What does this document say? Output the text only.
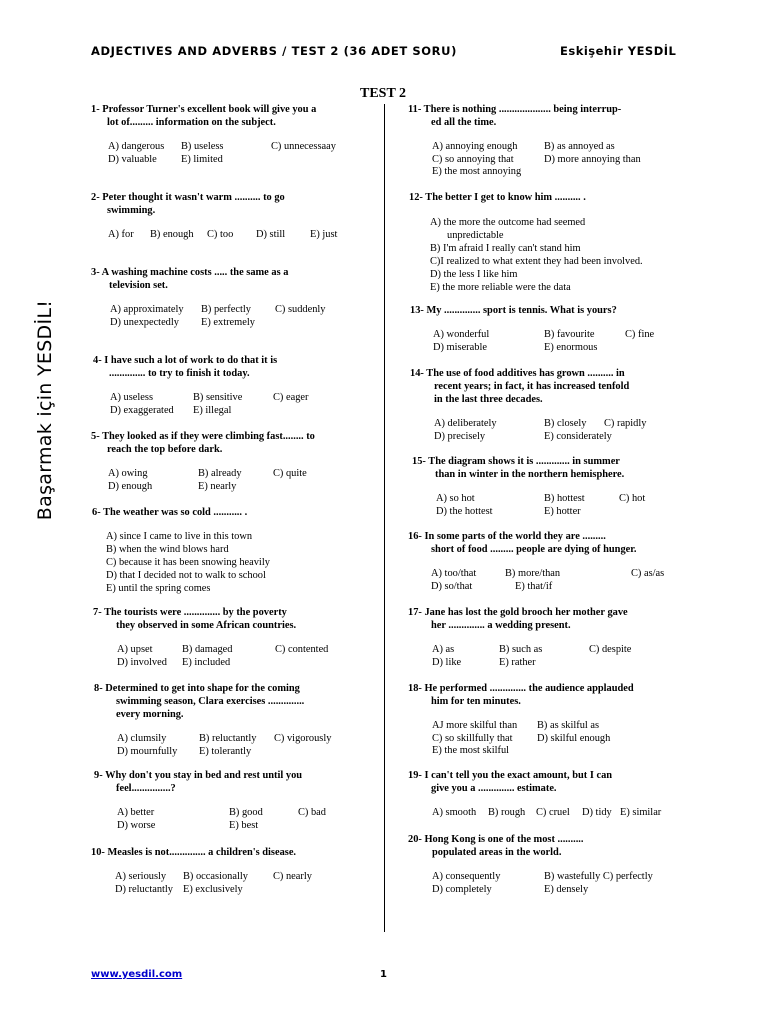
ADJECTIVES AND ADVERBS / TEST 2 (36 ADET SORU)	Eskişehir YESDİL
TEST 2
Başarmak için YESDİL!
1- Professor Turner's excellent book will give you a
lot of......... information on the subject.
A) dangerous	B) useless	C) unnecessaay
D) valuable	E) limited
2- Peter thought it wasn't warm .......... to go
swimming.
A) for	B) enough	C) too	D) still	E) just
3- A washing machine costs ..... the same as a
television set.
A) approximately	B) perfectly	C) suddenly
D) unexpectedly	E) extremely
4- I have such a lot of work to do that it is
.............. to try to finish it today.
A) useless	B) sensitive	C) eager
D) exaggerated	E) illegal
5- They looked as if they were climbing fast........ to
reach the top before dark.
A) owing	B) already	C) quite
D) enough	E) nearly
6- The weather was so cold ........... .
A) since I came to live in this town
B) when the wind blows hard
C) because it has been snowing heavily
D) that I decided not to walk to school
E) until the spring comes
7- The tourists were .............. by the poverty
they observed in some African countries.
A) upset	B) damaged	C) contented
D) involved	E) included
8- Determined to get into shape for the coming
swimming season, Clara exercises ..............
every morning.
A) clumsily	B) reluctantly	C) vigorously
D) mournfully	E) tolerantly
9- Why don't you stay in bed and rest until you
feel...............?
A) better	B) good	C) bad
D) worse	E) best
10- Measles is not.............. a children's disease.
A) seriously	B) occasionally	C) nearly
D) reluctantly E) exclusively
11- There is nothing .................... being interrup-
ed all the time.
A) annoying enough	B) as annoyed as
C) so annoying that	D) more annoying than
E) the most annoying
12- The better I get to know him .......... .
A) the more the outcome had seemed
unpredictable
B) I'm afraid I really can't stand him
C)I realized to what extent they had been involved.
D) the less I like him
E) the more reliable were the data
13- My .............. sport is tennis. What is yours?
A) wonderful	B) favourite	C) fine
D) miserable	E) enormous
14- The use of food additives has grown .......... in
recent years; in fact, it has increased tenfold
in the last three decades.
A) deliberately	B) closely	C) rapidly
D) precisely	E) considerately
15- The diagram shows it is ............. in summer
than in winter in the northern hemisphere.
A) so hot	B) hottest	C) hot
D) the hottest	E) hotter
16- In some parts of the world they are .........
short of food ......... people are dying of hunger.
A) too/that	B) more/than	C) as/as
D) so/that	E) that/if
17- Jane has lost the gold brooch her mother gave
her .............. a wedding present.
A) as	B) such as	C) despite
D) like	E) rather
18- He performed .............. the audience applauded
him for ten minutes.
AJ more skilful than	B) as skilful as
C) so skillfully that	D) skilful enough
E) the most skilful
19- I can't tell you the exact amount, but I can
give you a .............. estimate.
A) smooth	B) rough	C) cruel	D) tidy E) similar
20- Hong Kong is one of the most ..........
populated areas in the world.
A) consequently	B) wastefully C) perfectly
D) completely	E) densely
www.yesdil.com	1
